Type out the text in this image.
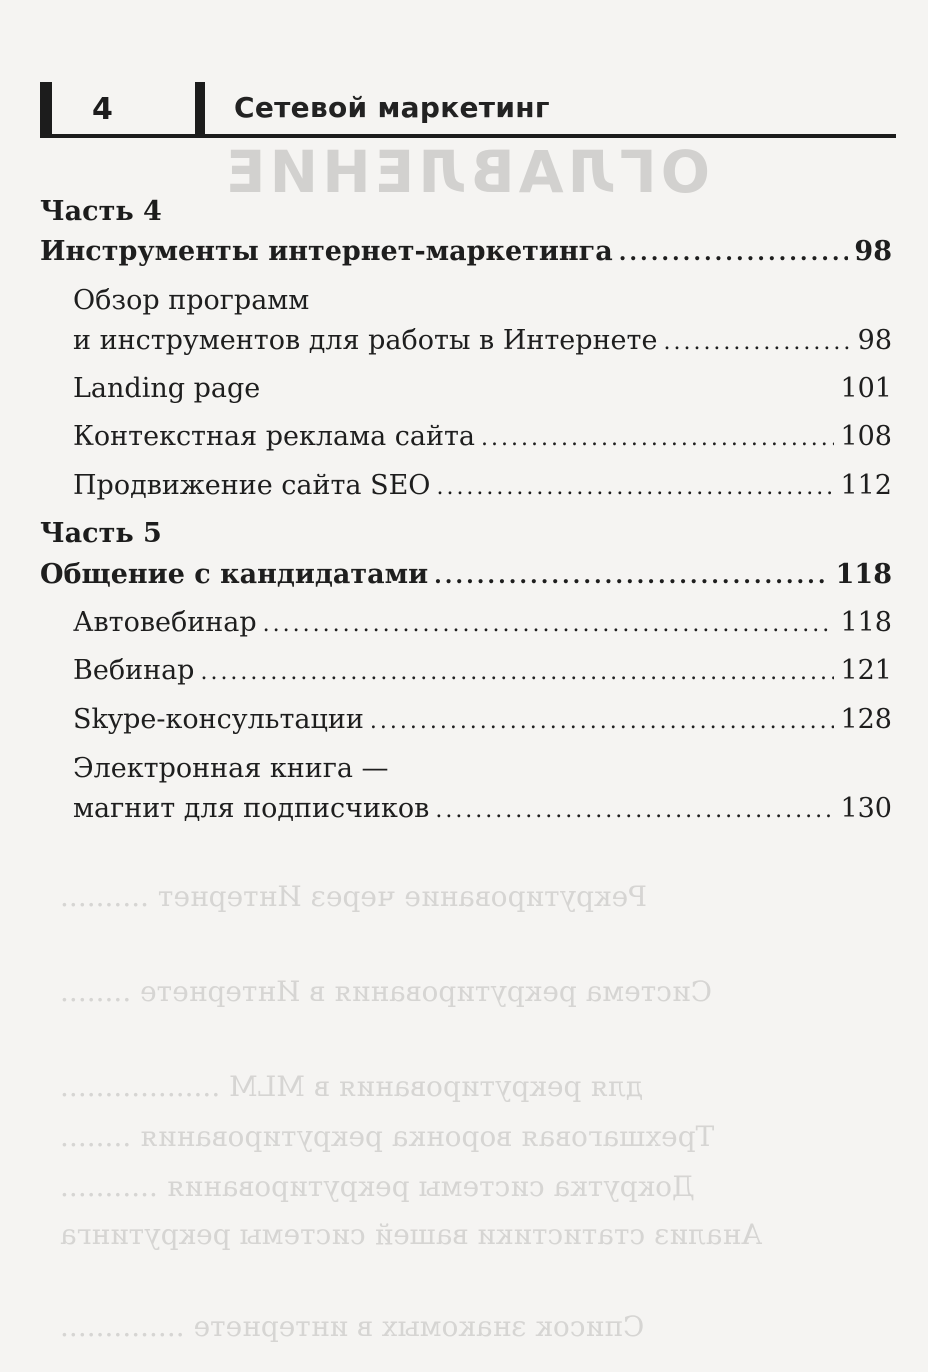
ОГЛАВЛЕНИЕ
Рекрутирование через Интернет ..........
Система рекрутирования в Интернете ........
для рекрутирования в MLM ..................
Трехшаговая воронка рекрутирования ........
Докрутка системы рекрутирования ...........
Анализ статистики вашей системы рекрутинга
Список знакомых в интернете ..............
4	Сетевой маркетинг
Часть 4
Инструменты интернет-маркетинга .....	98
Обзор программ
и инструментов для работы в Интернете .....	98
Landing page	101
Контекстная реклама сайта .....	108
Продвижение сайта SEO .....	112
Часть 5
Общение с кандидатами .....	118
Автовебинар .....	118
Вебинар .....	121
Skype-консультации .....	128
Электронная книга —
магнит для подписчиков .....	130
